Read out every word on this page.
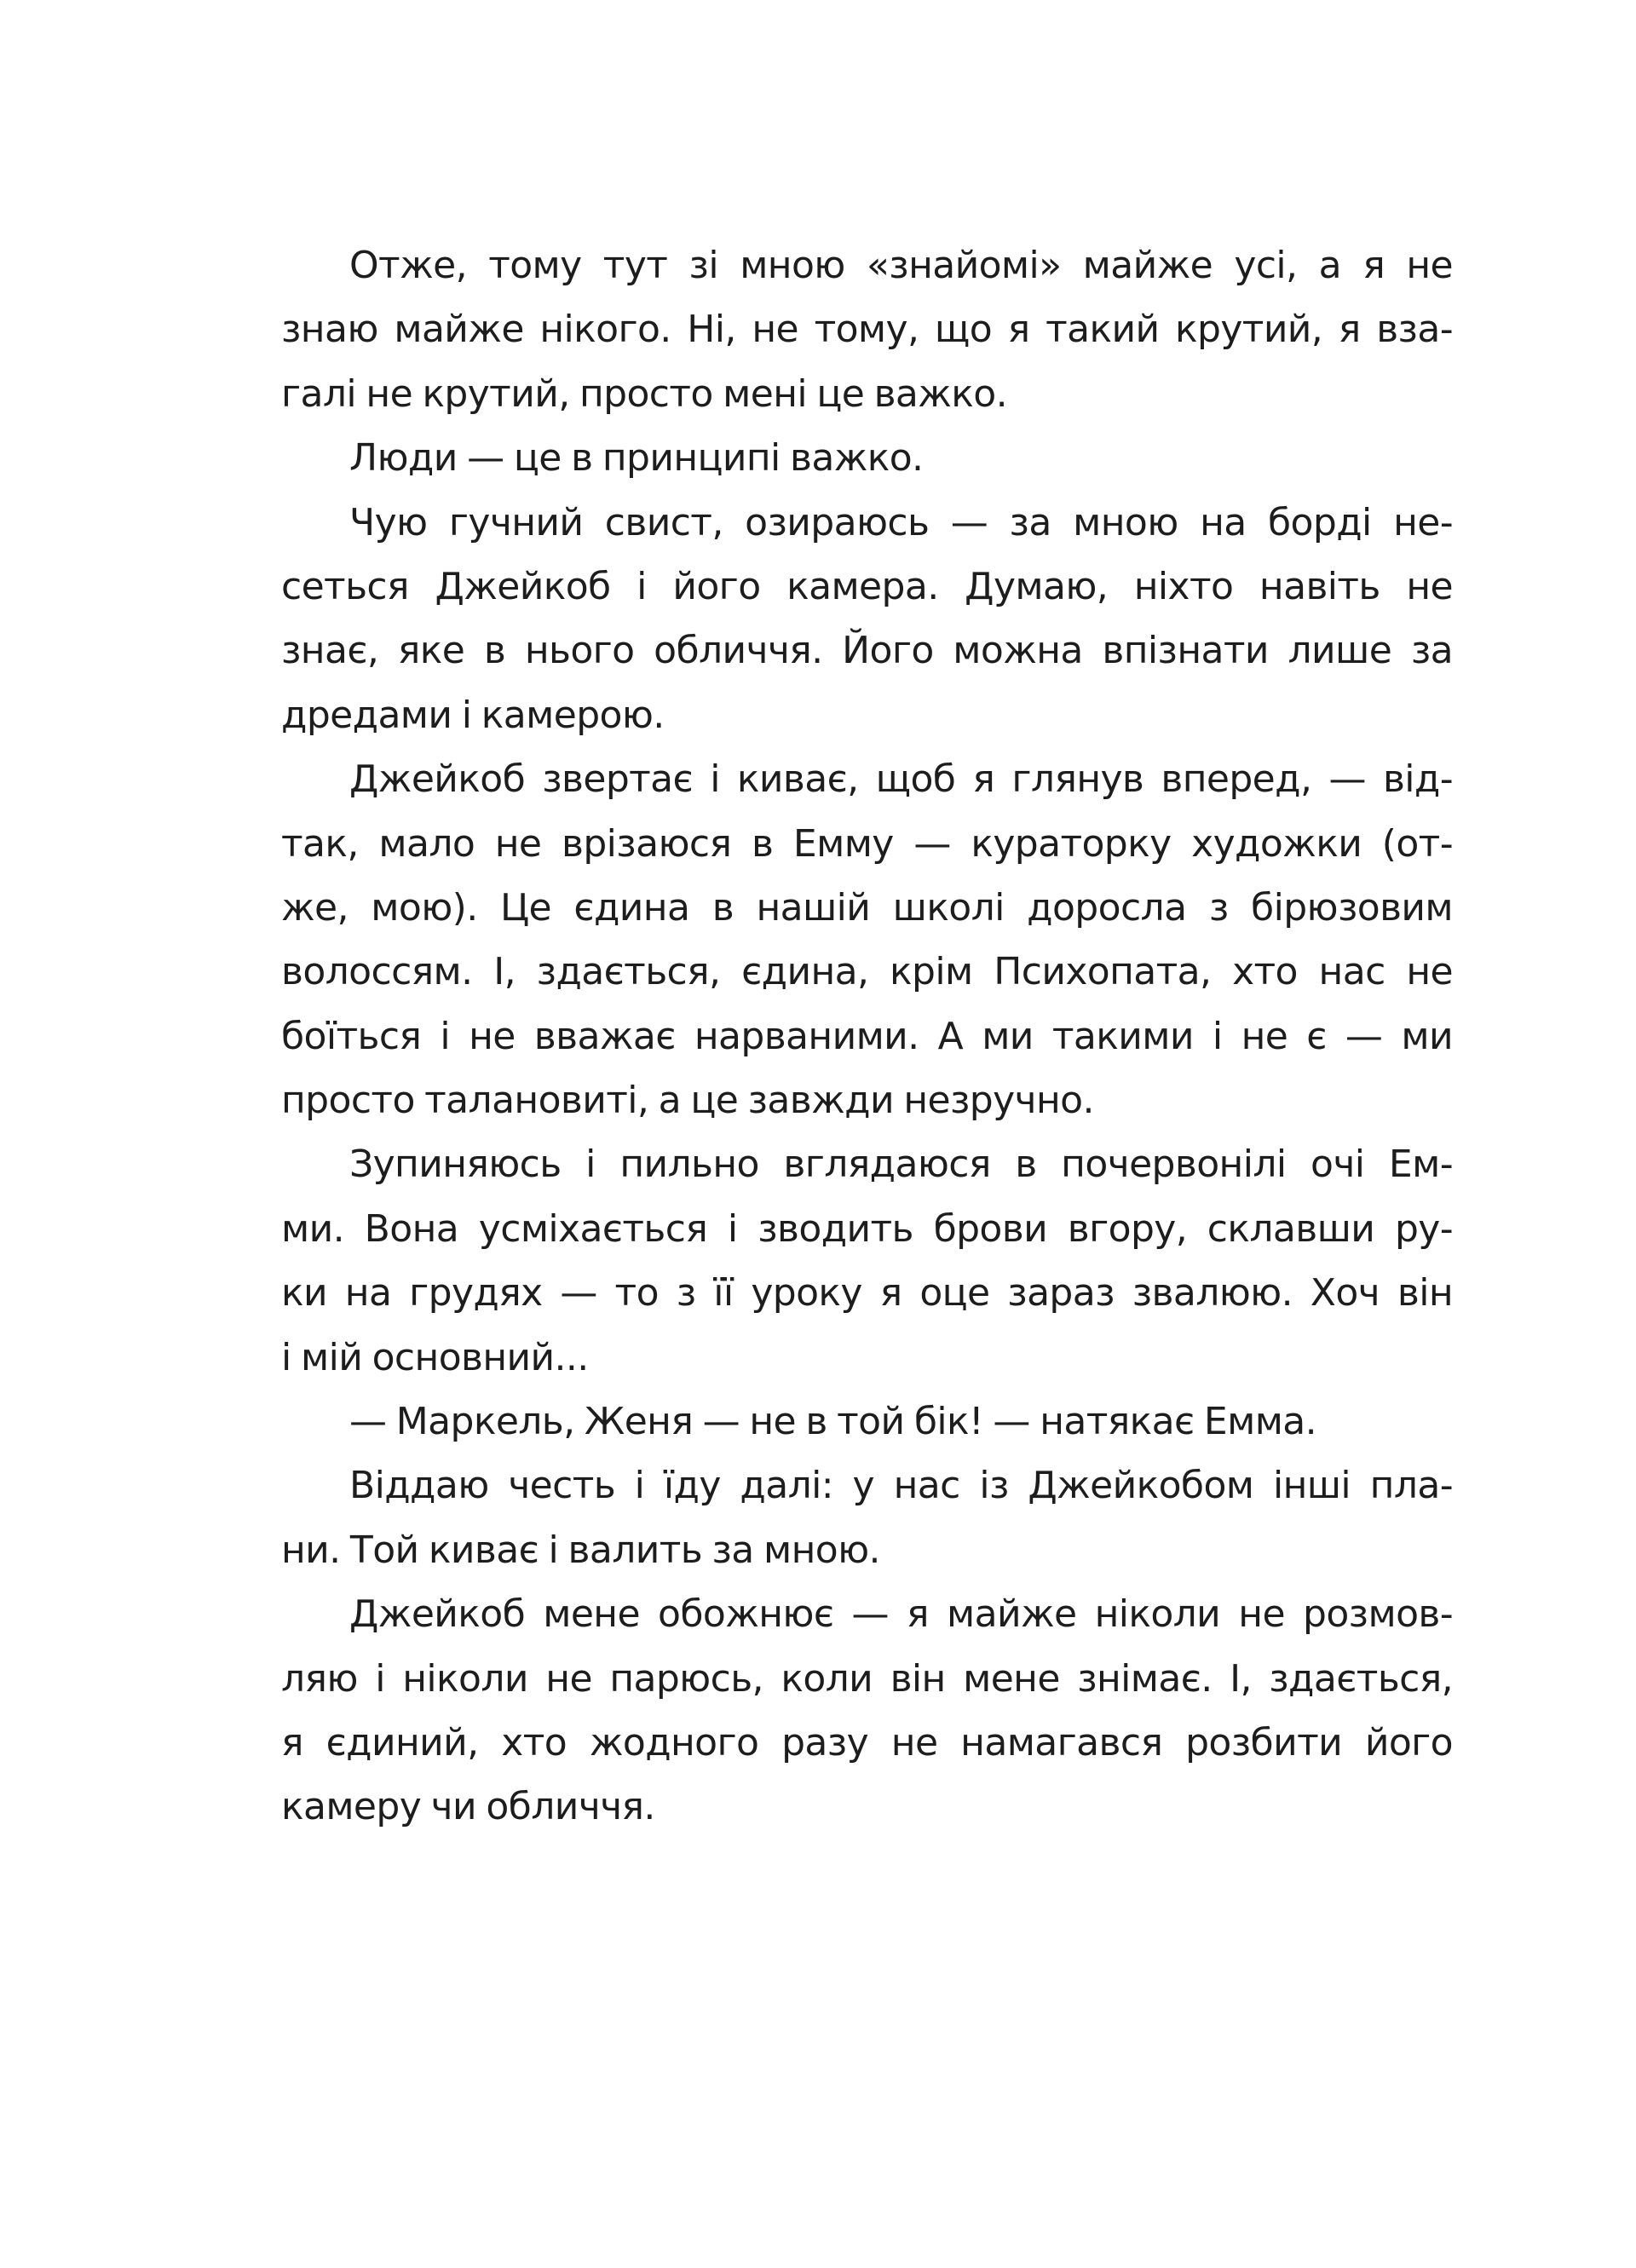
Отже, тому тут зі мною «знайомі» майже усі, а я не
знаю майже нікого. Ні, не тому, що я такий крутий, я вза-
галі не крутий, просто мені це важко.
Люди — це в принципі важко.
Чую гучний свист, озираюсь — за мною на борді не-
сеться Джейкоб і його камера. Думаю, ніхто навіть не
знає, яке в нього обличчя. Його можна впізнати лише за
дредами і камерою.
Джейкоб звертає і киває, щоб я глянув вперед, — від-
так, мало не врізаюся в Емму — кураторку художки (от-
же, мою). Це єдина в нашій школі доросла з бірюзовим
волоссям. І, здається, єдина, крім Психопата, хто нас не
боїться і не вважає нарваними. А ми такими і не є — ми
просто талановиті, а це завжди незручно.
Зупиняюсь і пильно вглядаюся в почервонілі очі Ем-
ми. Вона усміхається і зводить брови вгору, склавши ру-
ки на грудях — то з її уроку я оце зараз звалюю. Хоч він
і мій основний...
— Маркель, Женя — не в той бік! — натякає Емма.
Віддаю честь і їду далі: у нас із Джейкобом інші пла-
ни. Той киває і валить за мною.
Джейкоб мене обожнює — я майже ніколи не розмов-
ляю і ніколи не парюсь, коли він мене знімає. І, здається,
я єдиний, хто жодного разу не намагався розбити його
камеру чи обличчя.
